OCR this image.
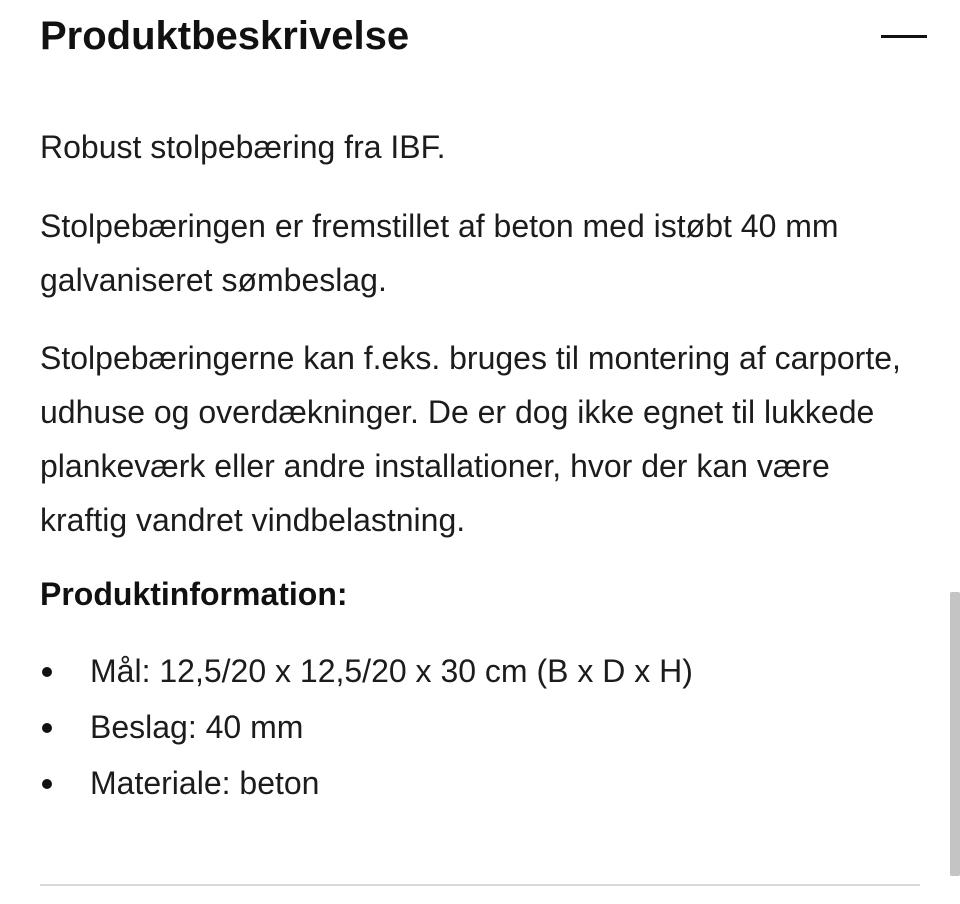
Produktbeskrivelse

Robust stolpebæring fra IBF.

Stolpebæringen er fremstillet af beton med istøbt 40 mm galvaniseret sømbeslag.

Stolpebæringerne kan f.eks. bruges til montering af carporte, udhuse og overdækninger. De er dog ikke egnet til lukkede plankeværk eller andre installationer, hvor der kan være kraftig vandret vindbelastning.

Produktinformation:
Mål: 12,5/20 x 12,5/20 x 30 cm (B x D x H)
Beslag: 40 mm
Materiale: beton
